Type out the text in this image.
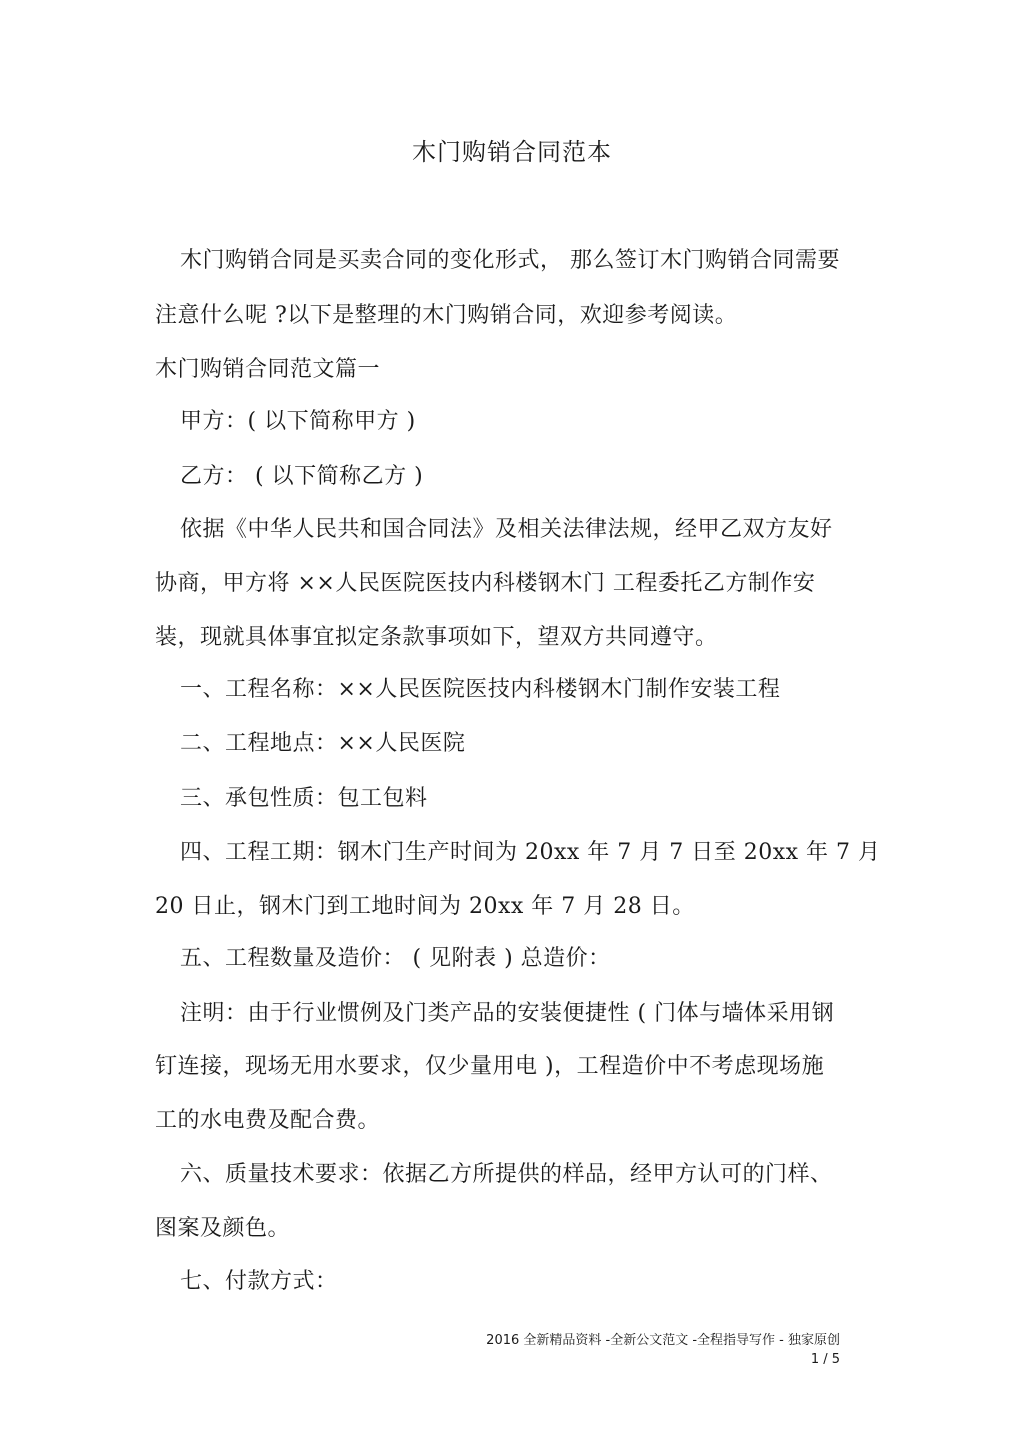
木门购销合同范本
木门购销合同是买卖合同的变化形式， 那么签订木门购销合同需要
注意什么呢 ?以下是整理的木门购销合同，欢迎参考阅读。
木门购销合同范文篇一
甲方：( 以下简称甲方 )
乙方： ( 以下简称乙方 )
依据《中华人民共和国合同法》及相关法律法规，经甲乙双方友好
协商，甲方将 ××人民医院医技内科楼钢木门 工程委托乙方制作安
装，现就具体事宜拟定条款事项如下，望双方共同遵守。
一、工程名称：××人民医院医技内科楼钢木门制作安装工程
二、工程地点：××人民医院
三、承包性质：包工包料
四、工程工期：钢木门生产时间为 20xx 年 7 月 7 日至 20xx 年 7 月
20 日止，钢木门到工地时间为 20xx 年 7 月 28 日。
五、工程数量及造价： ( 见附表 ) 总造价：
注明：由于行业惯例及门类产品的安装便捷性 ( 门体与墙体采用钢
钉连接，现场无用水要求，仅少量用电 )，工程造价中不考虑现场施
工的水电费及配合费。
六、质量技术要求：依据乙方所提供的样品，经甲方认可的门样、
图案及颜色。
七、付款方式：
2016 全新精品资料 -全新公文范文 -全程指导写作 - 独家原创
1 / 5
